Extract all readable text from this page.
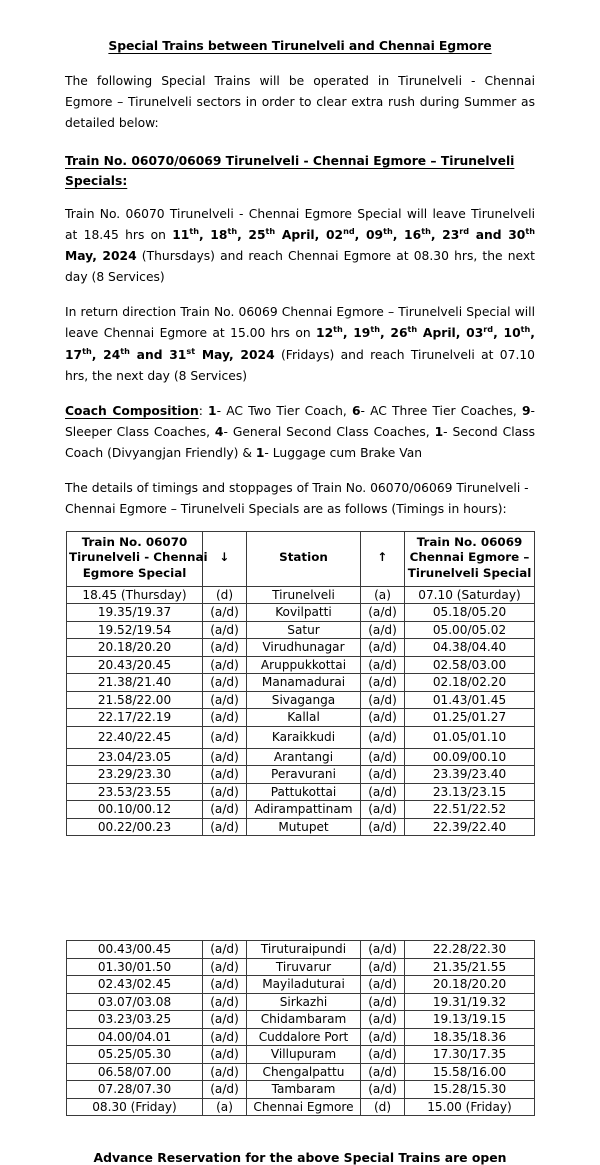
Special Trains between Tirunelveli and Chennai Egmore

The following Special Trains will be operated in Tirunelveli - Chennai Egmore – Tirunelveli sectors in order to clear extra rush during Summer as detailed below:

Train No. 06070/06069 Tirunelveli - Chennai Egmore – Tirunelveli Specials:

Train No. 06070 Tirunelveli - Chennai Egmore Special will leave Tirunelveli at 18.45 hrs on 11th, 18th, 25th April, 02nd, 09th, 16th, 23rd and 30th May, 2024 (Thursdays) and reach Chennai Egmore at 08.30 hrs, the next day (8 Services)

In return direction Train No. 06069 Chennai Egmore – Tirunelveli Special will leave Chennai Egmore at 15.00 hrs on 12th, 19th, 26th April, 03rd, 10th, 17th, 24th and 31st May, 2024 (Fridays) and reach Tirunelveli at 07.10 hrs, the next day (8 Services)

Coach Composition: 1- AC Two Tier Coach, 6- AC Three Tier Coaches, 9- Sleeper Class Coaches, 4- General Second Class Coaches, 1- Second Class Coach (Divyangjan Friendly) & 1- Luggage cum Brake Van

The details of timings and stoppages of Train No. 06070/06069 Tirunelveli - Chennai Egmore – Tirunelveli Specials are as follows (Timings in hours):

Train No. 06070
Tirunelveli - Chennai
Egmore Special	↓	Station	↑	Train No. 06069
Chennai Egmore –
Tirunelveli Special
18.45 (Thursday)	(d)	Tirunelveli	(a)	07.10 (Saturday)
19.35/19.37	(a/d)	Kovilpatti	(a/d)	05.18/05.20
19.52/19.54	(a/d)	Satur	(a/d)	05.00/05.02
20.18/20.20	(a/d)	Virudhunagar	(a/d)	04.38/04.40
20.43/20.45	(a/d)	Aruppukkottai	(a/d)	02.58/03.00
21.38/21.40	(a/d)	Manamadurai	(a/d)	02.18/02.20
21.58/22.00	(a/d)	Sivaganga	(a/d)	01.43/01.45
22.17/22.19	(a/d)	Kallal	(a/d)	01.25/01.27
22.40/22.45	(a/d)	Karaikkudi	(a/d)	01.05/01.10
23.04/23.05	(a/d)	Arantangi	(a/d)	00.09/00.10
23.29/23.30	(a/d)	Peravurani	(a/d)	23.39/23.40
23.53/23.55	(a/d)	Pattukottai	(a/d)	23.13/23.15
00.10/00.12	(a/d)	Adirampattinam	(a/d)	22.51/22.52
00.22/00.23	(a/d)	Mutupet	(a/d)	22.39/22.40
00.43/00.45	(a/d)	Tiruturaipundi	(a/d)	22.28/22.30
01.30/01.50	(a/d)	Tiruvarur	(a/d)	21.35/21.55
02.43/02.45	(a/d)	Mayiladuturai	(a/d)	20.18/20.20
03.07/03.08	(a/d)	Sirkazhi	(a/d)	19.31/19.32
03.23/03.25	(a/d)	Chidambaram	(a/d)	19.13/19.15
04.00/04.01	(a/d)	Cuddalore Port	(a/d)	18.35/18.36
05.25/05.30	(a/d)	Villupuram	(a/d)	17.30/17.35
06.58/07.00	(a/d)	Chengalpattu	(a/d)	15.58/16.00
07.28/07.30	(a/d)	Tambaram	(a/d)	15.28/15.30
08.30 (Friday)	(a)	Chennai Egmore	(d)	15.00 (Friday)

Advance Reservation for the above Special Trains are open
